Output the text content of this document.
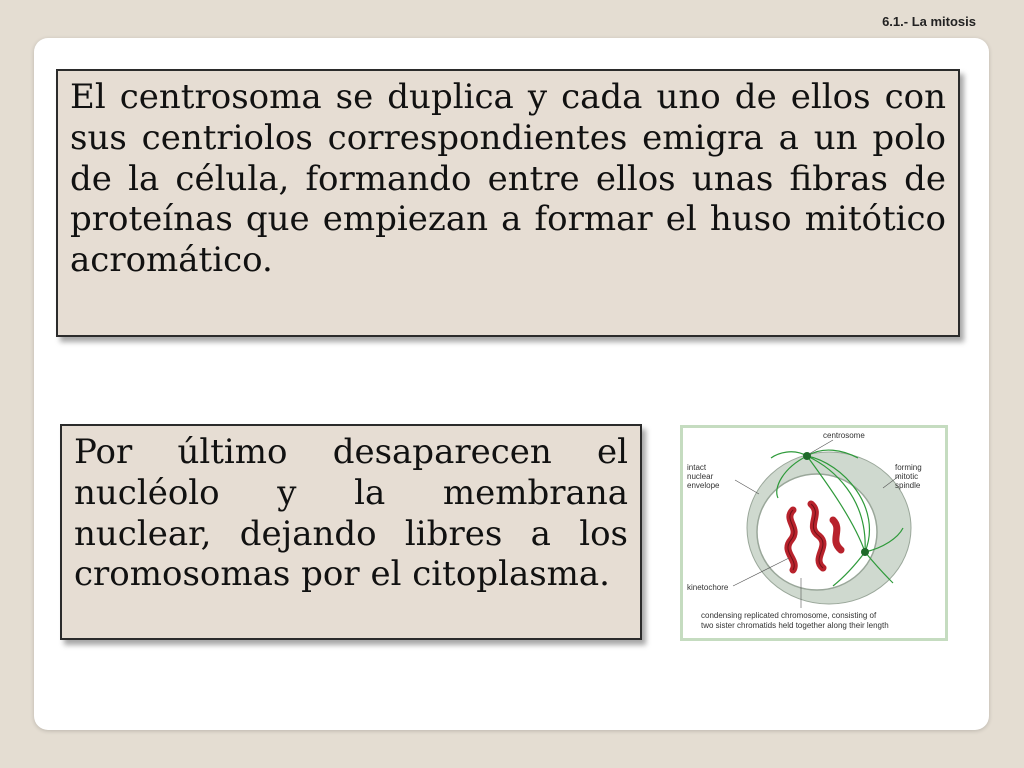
6.1.- La mitosis
El centrosoma se duplica y cada uno de ellos con sus centriolos correspondientes emigra a un polo de la célula, formando entre ellos unas fibras de proteínas que empiezan a formar el huso mitótico acromático.
Por último desaparecen el nucléolo y la membrana nuclear, dejando libres a los cromosomas por el citoplasma.
centrosome
intact
nuclear
envelope
forming
mitotic
spindle
kinetochore
condensing replicated chromosome, consisting of
two sister chromatids held together along their length
